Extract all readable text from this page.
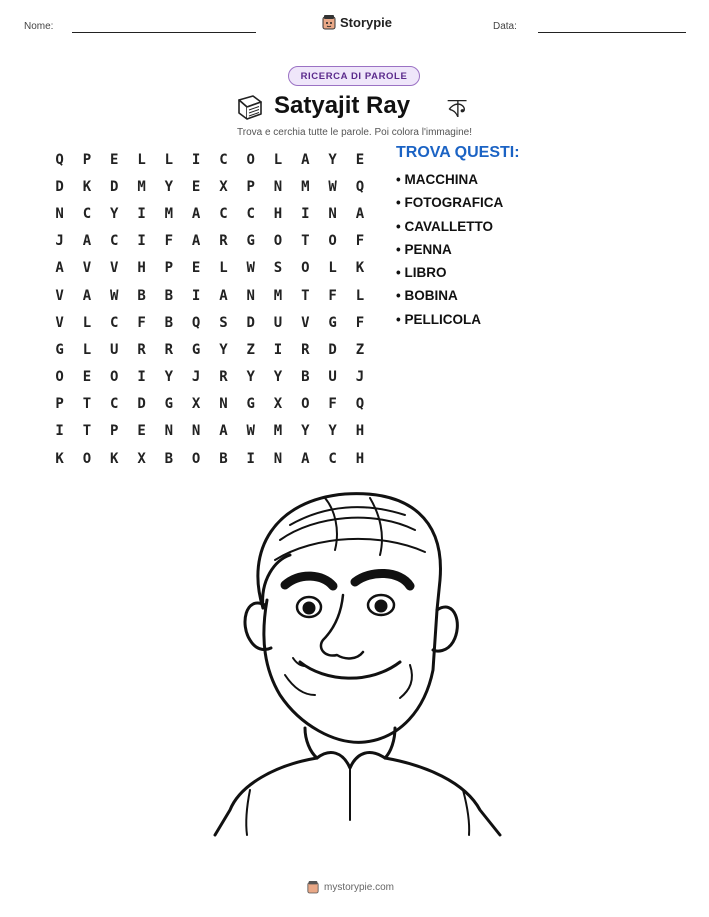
Nome:	Storypie	Data:
RICERCA DI PAROLE
Satyajit Ray ক
Trova e cerchia tutte le parole. Poi colora l'immagine!
Q	P	E	L	L	I	C	O	L	A	Y	E
D	K	D	M	Y	E	X	P	N	M	W	Q
N	C	Y	I	M	A	C	C	H	I	N	A
J	A	C	I	F	A	R	G	O	T	O	F
A	V	V	H	P	E	L	W	S	O	L	K
V	A	W	B	B	I	A	N	M	T	F	L
V	L	C	F	B	Q	S	D	U	V	G	F
G	L	U	R	R	G	Y	Z	I	R	D	Z
O	E	O	I	Y	J	R	Y	Y	B	U	J
P	T	C	D	G	X	N	G	X	O	F	Q
I	T	P	E	N	N	A	W	M	Y	Y	H
K	O	K	X	B	O	B	I	N	A	C	H
TROVA QUESTI:
• MACCHINA
• FOTOGRAFICA
• CAVALLETTO
• PENNA
• LIBRO
• BOBINA
• PELLICOLA
mystorypie.com
